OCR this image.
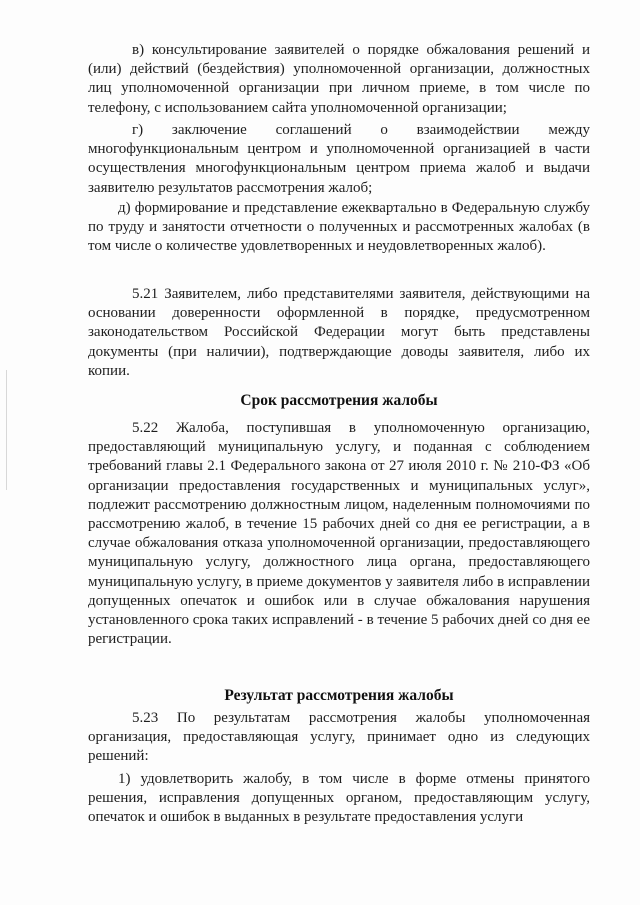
в) консультирование заявителей о порядке обжалования решений и (или) действий (бездействия) уполномоченной организации, должностных лиц уполномоченной организации при личном приеме, в том числе по телефону, с использованием сайта уполномоченной организации;

г) заключение соглашений о взаимодействии между многофункциональным центром и уполномоченной организацией в части осуществления многофункциональным центром приема жалоб и выдачи заявителю результатов рассмотрения жалоб;

д) формирование и представление ежеквартально в Федеральную службу по труду и занятости отчетности о полученных и рассмотренных жалобах (в том числе о количестве удовлетворенных и неудовлетворенных жалоб).

5.21 Заявителем, либо представителями заявителя, действующими на основании доверенности оформленной в порядке, предусмотренном законодательством Российской Федерации могут быть представлены документы (при наличии), подтверждающие доводы заявителя, либо их копии.

Срок рассмотрения жалобы

5.22 Жалоба, поступившая в уполномоченную организацию, предоставляющий муниципальную услугу, и поданная с соблюдением требований главы 2.1 Федерального закона от 27 июля 2010 г. № 210-ФЗ «Об организации предоставления государственных и муниципальных услуг», подлежит рассмотрению должностным лицом, наделенным полномочиями по рассмотрению жалоб, в течение 15 рабочих дней со дня ее регистрации, а в случае обжалования отказа уполномоченной организации, предоставляющего муниципальную услугу, должностного лица органа, предоставляющего муниципальную услугу, в приеме документов у заявителя либо в исправлении допущенных опечаток и ошибок или в случае обжалования нарушения установленного срока таких исправлений - в течение 5 рабочих дней со дня ее регистрации.

Результат рассмотрения жалобы

5.23 По результатам рассмотрения жалобы уполномоченная организация, предоставляющая услугу, принимает одно из следующих решений:

1) удовлетворить жалобу, в том числе в форме отмены принятого решения, исправления допущенных органом, предоставляющим услугу, опечаток и ошибок в выданных в результате предоставления услуги
